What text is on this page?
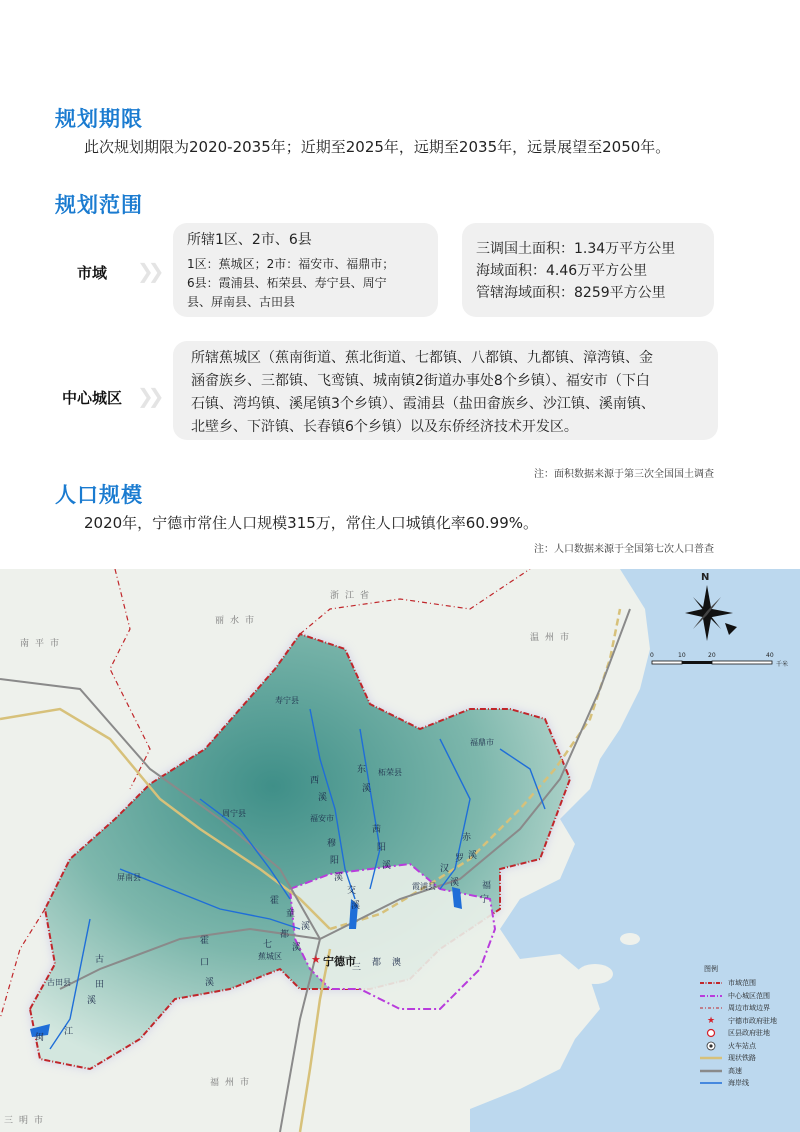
规划期限

此次规划期限为2020-2035年；近期至2025年，远期至2035年，远景展望至2050年。

规划范围
市域 ❯❯

所辖1区、2市、6县

1区：蕉城区；2市：福安市、福鼎市；

6县：霞浦县、柘荣县、寿宁县、周宁

县、屏南县、古田县

三调国土面积：1.34万平方公里

海域面积：4.46万平方公里

管辖海域面积：8259平方公里

中心城区 ❯❯

所辖蕉城区（蕉南街道、蕉北街道、七都镇、八都镇、九都镇、漳湾镇、金

涵畲族乡、三都镇、飞鸾镇、城南镇2街道办事处8个乡镇）、福安市（下白

石镇、湾坞镇、溪尾镇3个乡镇）、霞浦县（盐田畲族乡、沙江镇、溪南镇、

北壁乡、下浒镇、长春镇6个乡镇）以及东侨经济技术开发区。

注：面积数据来源于第三次全国国土调查

人口规模

2020年，宁德市常住人口规模315万，常住人口城镇化率60.99%。

注：人口数据来源于全国第七次人口普查

南平市
丽水市
浙江省
温州市
福州市
三明市
寿宁县
福鼎市
柘荣县
周宁县
福安市
屏南县
霞浦县
古田县
蕉城区	宁德市
★
西
溪
东
溪
穆
阳
溪
交
溪
茜
阳
溪
赤
溪
罗
汉
溪
霍
童
溪
七
都
溪
霍
口
溪
古
田
溪
闽
江
三 都 澳
宁
福
N
0	10	20	40
千米

图例

市域范围
中心城区范围
周边市域边界
★	宁德市政府驻地
区县政府驻地
火车站点
现状铁路
高速
海岸线
